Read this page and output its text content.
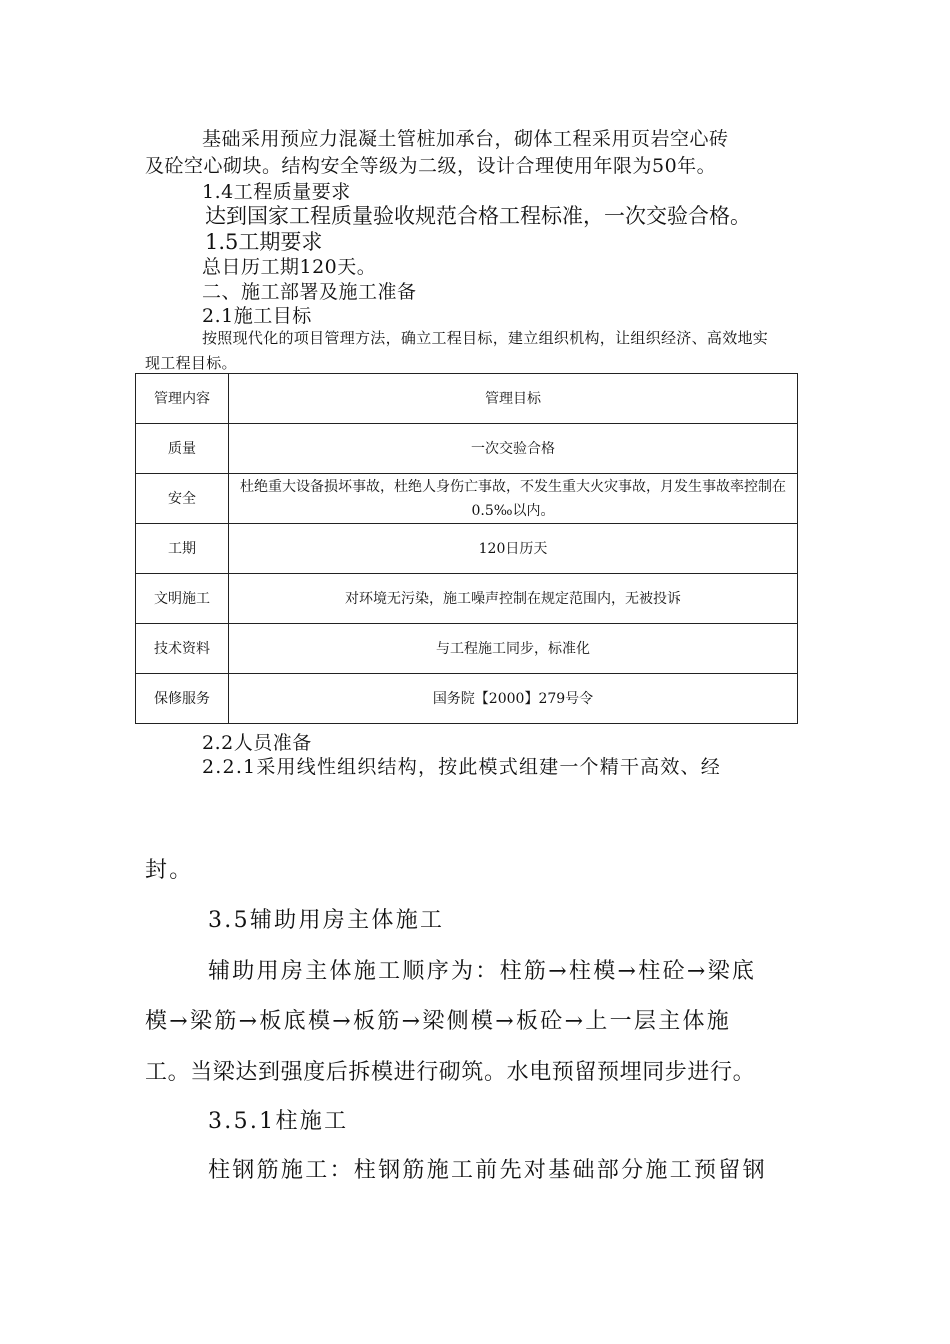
基础采用预应力混凝土管桩加承台，砌体工程采用页岩空心砖
及砼空心砌块。结构安全等级为二级，设计合理使用年限为50年。
1.4工程质量要求
达到国家工程质量验收规范合格工程标准，一次交验合格。
1.5工期要求
总日历工期120天。
二、施工部署及施工准备
2.1施工目标
按照现代化的项目管理方法，确立工程目标，建立组织机构，让组织经济、高效地实
现工程目标。
管理内容	管理目标
质量	一次交验合格
安全	杜绝重大设备损坏事故，杜绝人身伤亡事故，不发生重大火灾事故，月发生事故率控制在0.5‰以内。
工期	120日历天
文明施工	对环境无污染，施工噪声控制在规定范围内，无被投诉
技术资料	与工程施工同步，标准化
保修服务	国务院【2000】279号令
2.2人员准备
2.2.1采用线性组织结构，按此模式组建一个精干高效、经
封。
3.5辅助用房主体施工
辅助用房主体施工顺序为：柱筋→柱模→柱砼→梁底
模→梁筋→板底模→板筋→梁侧模→板砼→上一层主体施
工。当梁达到强度后拆模进行砌筑。水电预留预埋同步进行。
3.5.1柱施工
柱钢筋施工：柱钢筋施工前先对基础部分施工预留钢
